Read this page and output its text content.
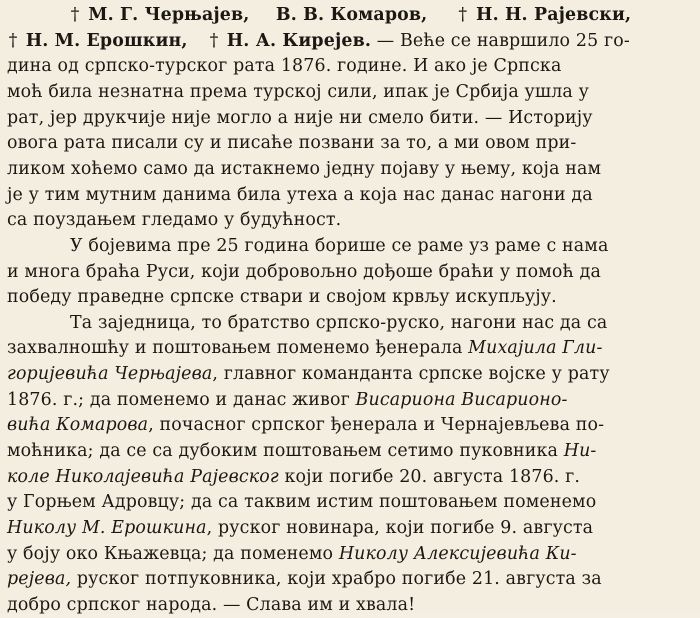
† М. Г. Черњајев, В. В. Комаров, † Н. Н. Рајевски,
† Н. М. Ерошкин, † Н. А. Кирејев. — Веће се навршило 25 го-
дина од српско-турског рата 1876. године. И ако је Српска
моћ била незнатна према турској сили, ипак је Србија ушла у
рат, јер друкчије није могло а није ни смело бити. — Историју
овога рата писали су и писаће позвани за то, а ми овом при-
ликом хоћемо само да истакнемо једну појаву у њему, која нам
је у тим мутним данима била утеха а која нас данас нагони да
са поуздањем гледамо у будућност.
У бојевима пре 25 година боришe се раме уз раме с нама
и многа браћа Руси, који добровољно дођоше браћи у помоћ да
победу праведне српске ствари и својом крвљу искупљују.
Та заједница, то братство српско-руско, нагони нас да са
захвалношћу и поштовањем поменемо ђенерала Михајила Гли-
горијевића Черњајева, главног команданта српске војске у рату
1876. г.; да поменемо и данас живог Висариона Висарионо-
вића Комарова, почасног српског ђенерала и Чернајевљева по-
моћника; да се са дубоким поштовањем сетимо пуковника Ни-
коле Николајевића Рајевског који погибе 20. августа 1876. г.
у Горњем Адровцу; да са таквим истим поштовањем поменемо
Николу М. Ерошкина, руског новинара, који погибе 9. августа
у боју око Књажевца; да поменемо Николу Алексијевића Ки-
рејева, руског потпуковника, који храбро погибе 21. августа за
добро српског народа. — Слава им и хвала!
